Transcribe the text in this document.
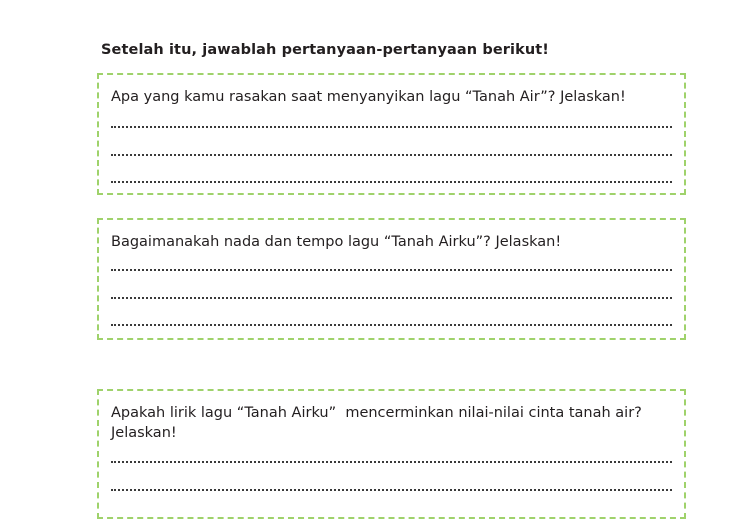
Setelah itu, jawablah pertanyaan-pertanyaan berikut!
Apa yang kamu rasakan saat menyanyikan lagu “Tanah Air”? Jelaskan!
Bagaimanakah nada dan tempo lagu “Tanah Airku”? Jelaskan!
Apakah lirik lagu “Tanah Airku”  mencerminkan nilai-nilai cinta tanah air?
Jelaskan!
